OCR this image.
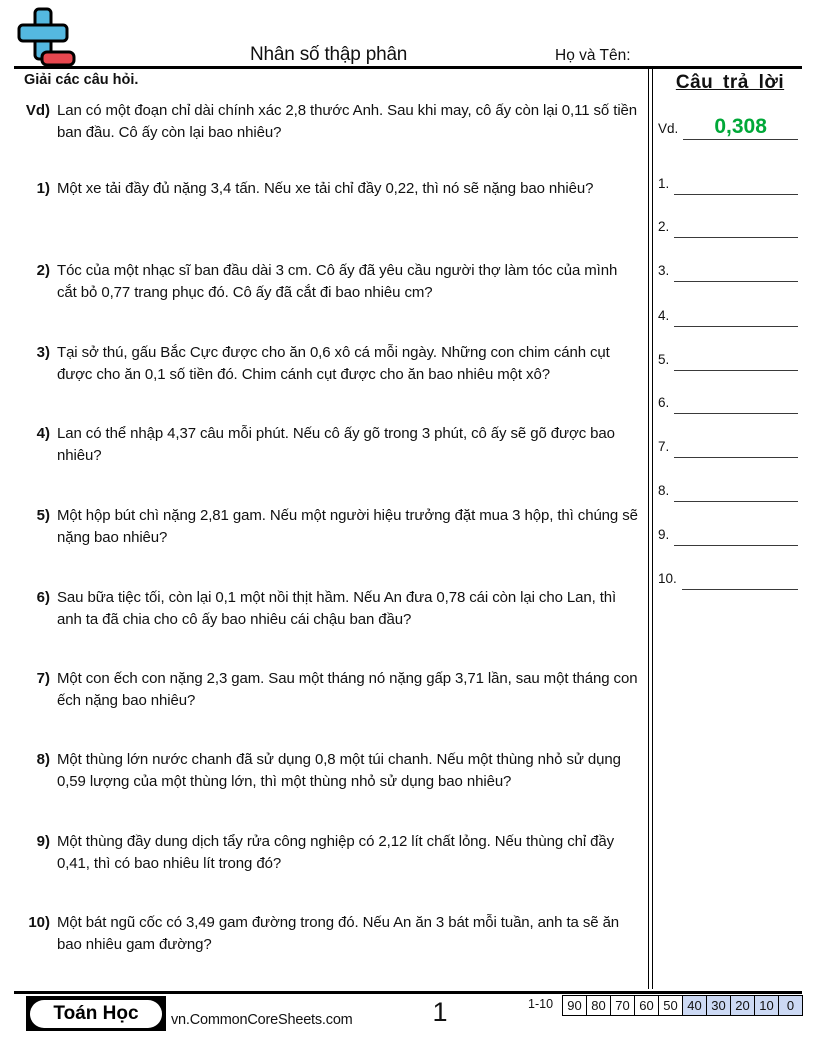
Nhân số thập phân	Họ và Tên:
Giải các câu hỏi.
Vd) Lan có một đoạn chỉ dài chính xác 2,8 thước Anh. Sau khi may, cô ấy còn lại 0,11 số tiền ban đầu. Cô ấy còn lại bao nhiêu?
1) Một xe tải đầy đủ nặng 3,4 tấn. Nếu xe tải chỉ đầy 0,22, thì nó sẽ nặng bao nhiêu?
2) Tóc của một nhạc sĩ ban đầu dài 3 cm. Cô ấy đã yêu cầu người thợ làm tóc của mình cắt bỏ 0,77 trang phục đó. Cô ấy đã cắt đi bao nhiêu cm?
3) Tại sở thú, gấu Bắc Cực được cho ăn 0,6 xô cá mỗi ngày. Những con chim cánh cụt được cho ăn 0,1 số tiền đó. Chim cánh cụt được cho ăn bao nhiêu một xô?
4) Lan có thể nhập 4,37 câu mỗi phút. Nếu cô ấy gõ trong 3 phút, cô ấy sẽ gõ được bao nhiêu?
5) Một hộp bút chì nặng 2,81 gam. Nếu một người hiệu trưởng đặt mua 3 hộp, thì chúng sẽ nặng bao nhiêu?
6) Sau bữa tiệc tối, còn lại 0,1 một nồi thịt hầm. Nếu An đưa 0,78 cái còn lại cho Lan, thì anh ta đã chia cho cô ấy bao nhiêu cái chậu ban đầu?
7) Một con ếch con nặng 2,3 gam. Sau một tháng nó nặng gấp 3,71 lần, sau một tháng con ếch nặng bao nhiêu?
8) Một thùng lớn nước chanh đã sử dụng 0,8 một túi chanh. Nếu một thùng nhỏ sử dụng 0,59 lượng của một thùng lớn, thì một thùng nhỏ sử dụng bao nhiêu?
9) Một thùng đầy dung dịch tẩy rửa công nghiệp có 2,12 lít chất lỏng. Nếu thùng chỉ đầy 0,41, thì có bao nhiêu lít trong đó?
10) Một bát ngũ cốc có 3,49 gam đường trong đó. Nếu An ăn 3 bát mỗi tuần, anh ta sẽ ăn bao nhiêu gam đường?
Câu trả lời
Vd.	0,308
1.
2.
3.
4.
5.
6.
7.
8.
9.
10.
Toán Học	vn.CommonCoreSheets.com	1	1-10	90 80 70 60 50 40 30 20 10	0
